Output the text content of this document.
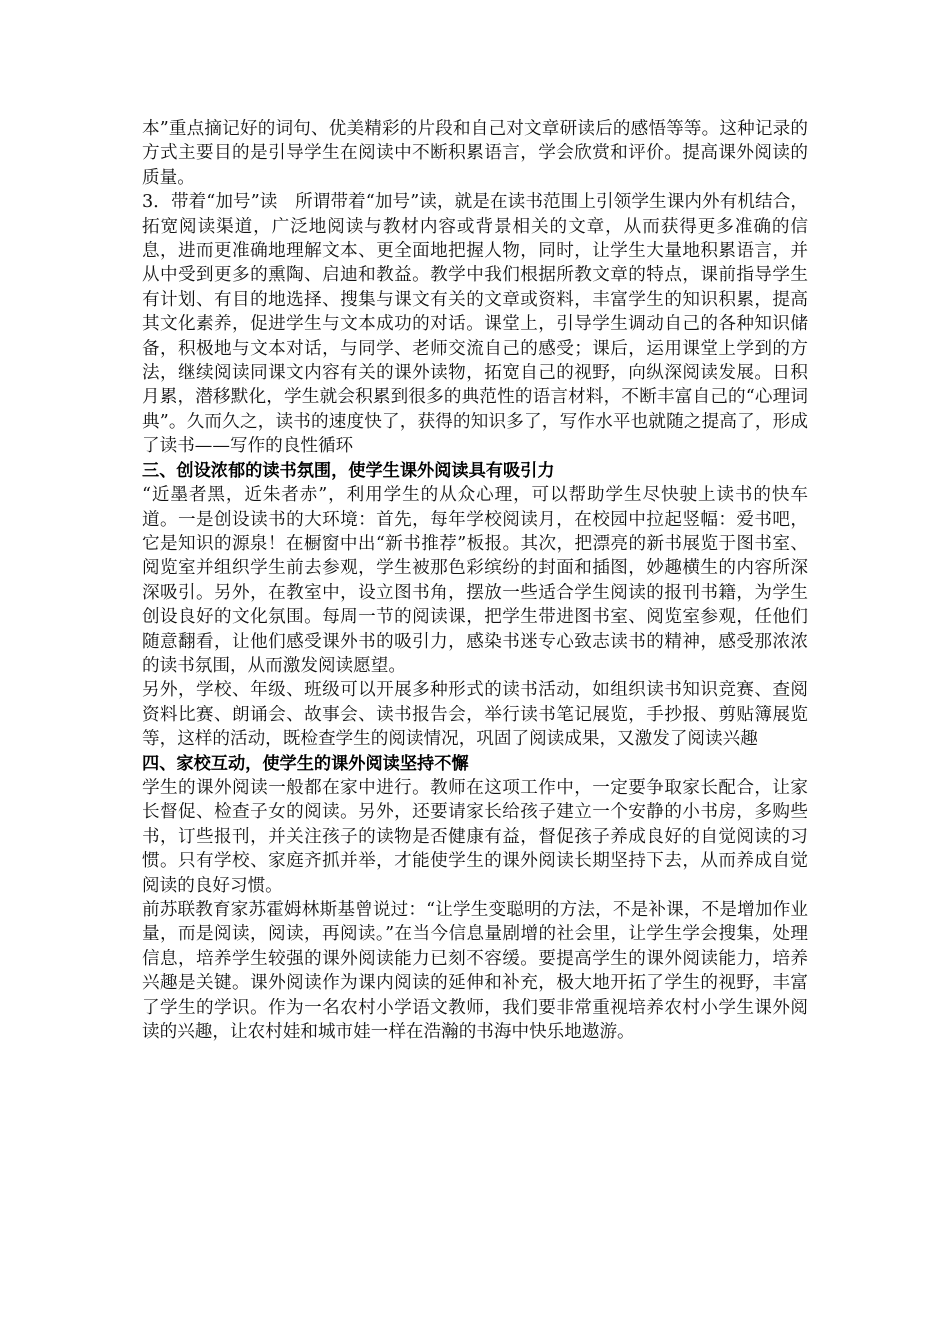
本”重点摘记好的词句、优美精彩的片段和自己对文章研读后的感悟等等。这种记录的方式主要目的是引导学生在阅读中不断积累语言，学会欣赏和评价。提高课外阅读的质量。

3．带着“加号”读　所谓带着“加号”读，就是在读书范围上引领学生课内外有机结合，拓宽阅读渠道，广泛地阅读与教材内容或背景相关的文章，从而获得更多准确的信息，进而更准确地理解文本、更全面地把握人物，同时，让学生大量地积累语言，并从中受到更多的熏陶、启迪和教益。教学中我们根据所教文章的特点，课前指导学生有计划、有目的地选择、搜集与课文有关的文章或资料，丰富学生的知识积累，提高其文化素养，促进学生与文本成功的对话。课堂上，引导学生调动自己的各种知识储备，积极地与文本对话，与同学、老师交流自己的感受；课后，运用课堂上学到的方法，继续阅读同课文内容有关的课外读物，拓宽自己的视野，向纵深阅读发展。日积月累，潜移默化，学生就会积累到很多的典范性的语言材料，不断丰富自己的“心理词典”。久而久之，读书的速度快了，获得的知识多了，写作水平也就随之提高了，形成了读书——写作的良性循环

三、创设浓郁的读书氛围，使学生课外阅读具有吸引力

“近墨者黑，近朱者赤”，利用学生的从众心理，可以帮助学生尽快驶上读书的快车道。一是创设读书的大环境：首先，每年学校阅读月，在校园中拉起竖幅：爱书吧，它是知识的源泉！在橱窗中出“新书推荐”板报。其次，把漂亮的新书展览于图书室、阅览室并组织学生前去参观，学生被那色彩缤纷的封面和插图，妙趣横生的内容所深深吸引。另外，在教室中，设立图书角，摆放一些适合学生阅读的报刊书籍，为学生创设良好的文化氛围。每周一节的阅读课，把学生带进图书室、阅览室参观，任他们随意翻看，让他们感受课外书的吸引力，感染书迷专心致志读书的精神，感受那浓浓的读书氛围，从而激发阅读愿望。

另外，学校、年级、班级可以开展多种形式的读书活动，如组织读书知识竞赛、查阅资料比赛、朗诵会、故事会、读书报告会，举行读书笔记展览，手抄报、剪贴簿展览等，这样的活动，既检查学生的阅读情况，巩固了阅读成果，又激发了阅读兴趣

四、家校互动，使学生的课外阅读坚持不懈

学生的课外阅读一般都在家中进行。教师在这项工作中，一定要争取家长配合，让家长督促、检查子女的阅读。另外，还要请家长给孩子建立一个安静的小书房，多购些书，订些报刊，并关注孩子的读物是否健康有益，督促孩子养成良好的自觉阅读的习惯。只有学校、家庭齐抓并举，才能使学生的课外阅读长期坚持下去，从而养成自觉阅读的良好习惯。

前苏联教育家苏霍姆林斯基曾说过：“让学生变聪明的方法，不是补课，不是增加作业量，而是阅读，阅读，再阅读。”在当今信息量剧增的社会里，让学生学会搜集，处理信息，培养学生较强的课外阅读能力已刻不容缓。要提高学生的课外阅读能力，培养兴趣是关键。课外阅读作为课内阅读的延伸和补充，极大地开拓了学生的视野，丰富了学生的学识。作为一名农村小学语文教师，我们要非常重视培养农村小学生课外阅读的兴趣，让农村娃和城市娃一样在浩瀚的书海中快乐地遨游。
